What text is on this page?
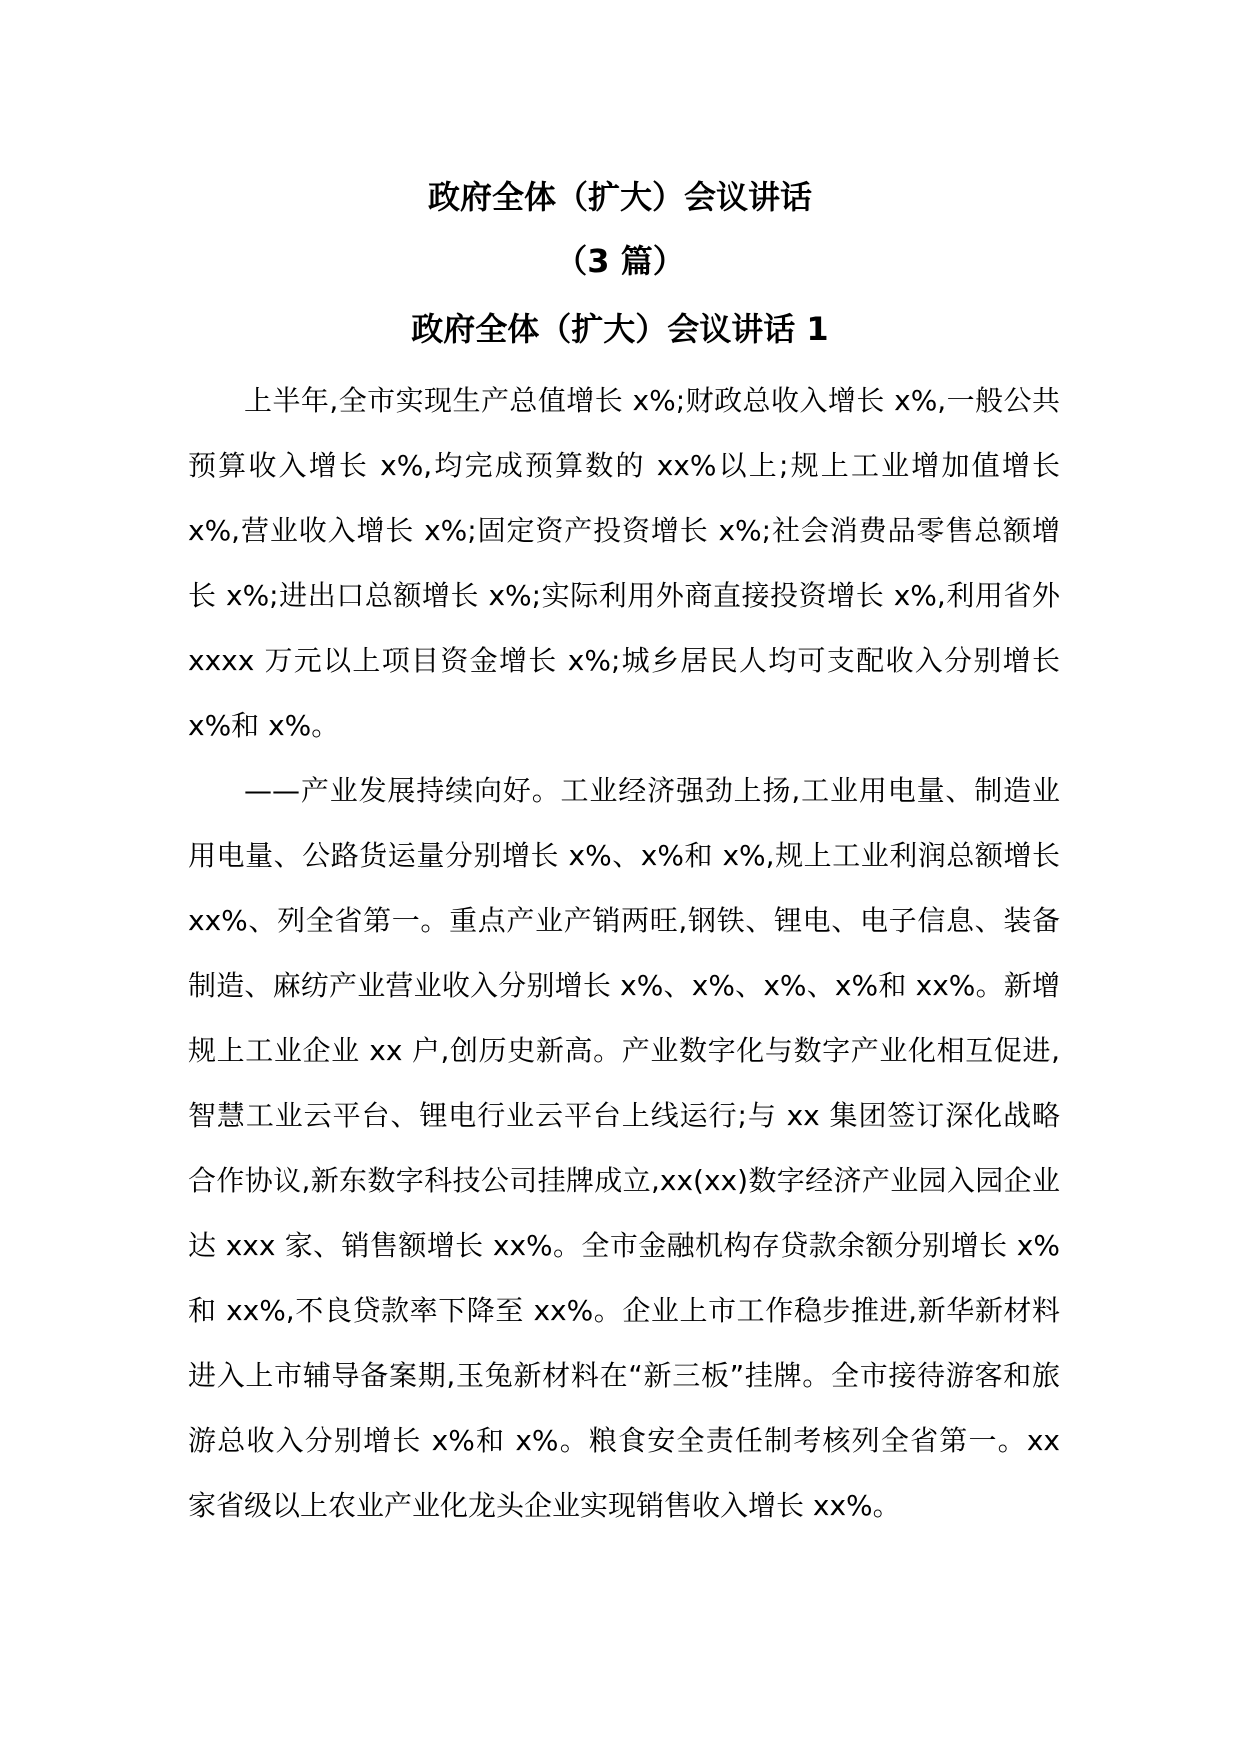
政府全体（扩大）会议讲话
（3 篇）
政府全体（扩大）会议讲话 1

上半年,全市实现生产总值增长 x%;财政总收入增长 x%,一般公共预算收入增长 x%,均完成预算数的 xx%以上;规上工业增加值增长 x%,营业收入增长 x%;固定资产投资增长 x%;社会消费品零售总额增长 x%;进出口总额增长 x%;实际利用外商直接投资增长 x%,利用省外 xxxx 万元以上项目资金增长 x%;城乡居民人均可支配收入分别增长 x%和 x%。

——产业发展持续向好。工业经济强劲上扬,工业用电量、制造业用电量、公路货运量分别增长 x%、x%和 x%,规上工业利润总额增长 xx%、列全省第一。重点产业产销两旺,钢铁、锂电、电子信息、装备制造、麻纺产业营业收入分别增长 x%、x%、x%、x%和 xx%。新增规上工业企业 xx 户,创历史新高。产业数字化与数字产业化相互促进,智慧工业云平台、锂电行业云平台上线运行;与 xx 集团签订深化战略合作协议,新东数字科技公司挂牌成立,xx(xx)数字经济产业园入园企业达 xxx 家、销售额增长 xx%。全市金融机构存贷款余额分别增长 x%和 xx%,不良贷款率下降至 xx%。企业上市工作稳步推进,新华新材料进入上市辅导备案期,玉兔新材料在“新三板”挂牌。全市接待游客和旅游总收入分别增长 x%和 x%。粮食安全责任制考核列全省第一。xx 家省级以上农业产业化龙头企业实现销售收入增长 xx%。
